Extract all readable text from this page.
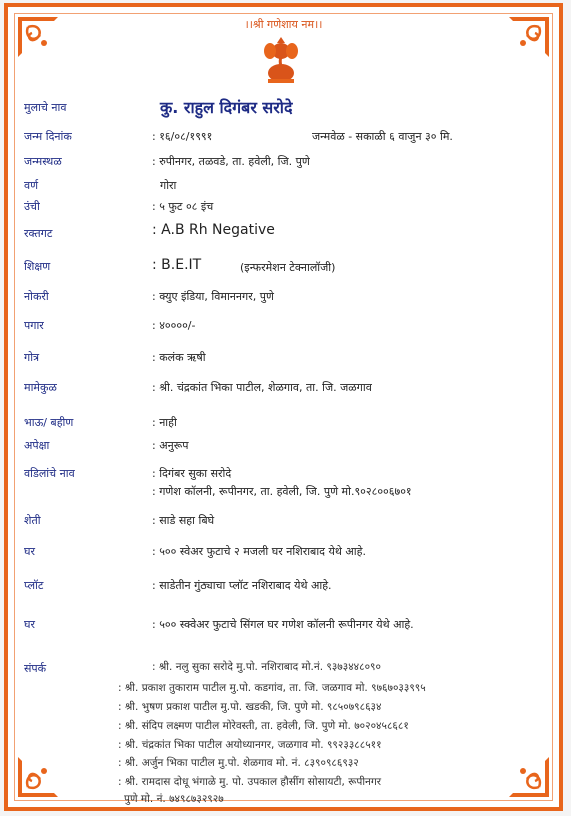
।।श्री गणेशाय नम।।
मुलाचे नाव	कु. राहुल दिगंबर सरोदे
जन्म दिनांक	: १६/०८/१९९१	जन्मवेळ - सकाळी ६ वाजुन ३० मि.
जन्मस्थळ	: रुपीनगर, तळवडे, ता. हवेली, जि. पुणे
वर्ण	गोरा
उंची	: ५ फुट ०८ इंच
रक्तगट	: A.B Rh Negative
शिक्षण	: B.E.IT	(इन्फरमेशन टेक्नालॉजी)
नोकरी	: क्युए इंडिया, विमाननगर, पुणे
पगार	: ४००००/-
गोत्र	: कलंक ऋषी
मामेकुळ	: श्री. चंद्रकांत भिका पाटील, शेळगाव, ता. जि. जळगाव
भाऊ/ बहीण	: नाही
अपेक्षा	: अनुरूप
वडिलांचे नाव	: दिगंबर सुका सरोदे
: गणेश कॉलनी, रूपीनगर, ता. हवेली, जि. पुणे मो.९०२८००६७०१
शेती	: साडे सहा बिघे
घर	: ५०० स्वेअर फुटाचे २ मजली घर नशिराबाद येथे आहे.
प्लॉट	: साडेतीन गुंठ्याचा प्लॉट नशिराबाद येथे आहे.
घर	: ५०० स्क्वेअर फुटाचे सिंगल घर गणेश कॉलनी रूपीनगर येथे आहे.
संपर्क	: श्री. नलु सुका सरोदे मु.पो. नशिराबाद मो.नं. ९३७३४४८०९०
: श्री. प्रकाश तुकाराम पाटील मु.पो. कडगांव, ता. जि. जळगाव मो. ९७६७०३३९९५
: श्री. भुषण प्रकाश पाटील मु.पो. खडकी, जि. पुणे मो. ९८५०७९८६३४
: श्री. संदिप लक्ष्मण पाटील मोरेवस्ती, ता. हवेली, जि. पुणे मो. ७०२०४५८६८१
: श्री. चंद्रकांत भिका पाटील अयोध्यानगर, जळगाव मो. ९९२३३८८५११
: श्री. अर्जुन भिका पाटील मु.पो. शेळगाव मो. नं. ८३९०९८६९३२
: श्री. रामदास दोधू भंगाळे मु. पो. उपकाल हौसींग सोसायटी, रूपीनगर
पुणे मो. नं. ७४९८७३२९२७
